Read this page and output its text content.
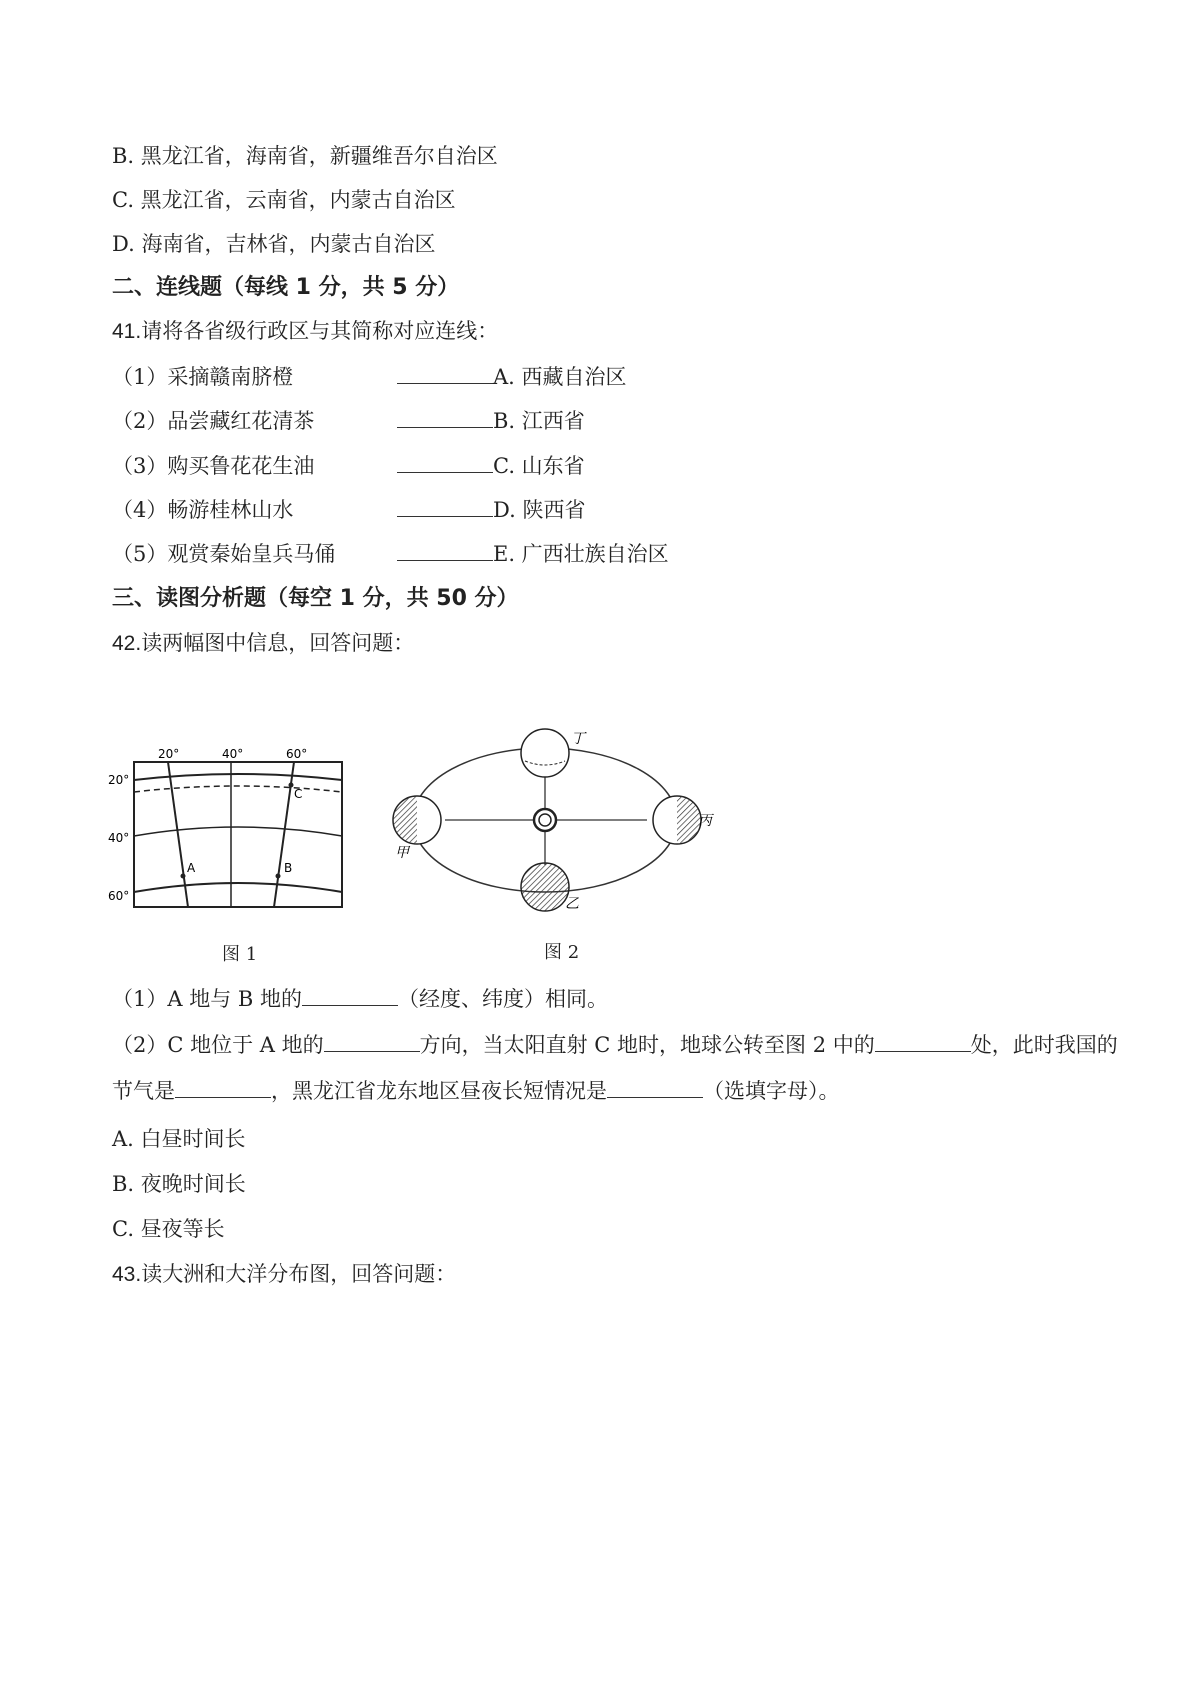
B. 黑龙江省，海南省，新疆维吾尔自治区
C. 黑龙江省，云南省，内蒙古自治区
D. 海南省，吉林省，内蒙古自治区
二、连线题（每线 1 分，共 5 分）
41.请将各省级行政区与其简称对应连线：
（1）采摘赣南脐橙	A. 西藏自治区
（2）品尝藏红花清茶	B. 江西省
（3）购买鲁花花生油	C. 山东省
（4）畅游桂林山水	D. 陕西省
（5）观赏秦始皇兵马俑	E. 广西壮族自治区
三、读图分析题（每空 1 分，共 50 分）
42.读两幅图中信息，回答问题：
20°	40°	60°
20°
40°
60°
A	B
C
图 1
甲
乙
丙
丁
图 2
（1）A 地与 B 地的	（经度、纬度）相同。
（2）C 地位于 A 地的	方向，当太阳直射 C 地时，地球公转至图 2 中的	处，此时我国的
节气是	，黑龙江省龙东地区昼夜长短情况是	（选填字母）。
A. 白昼时间长
B. 夜晚时间长
C. 昼夜等长
43.读大洲和大洋分布图，回答问题：
